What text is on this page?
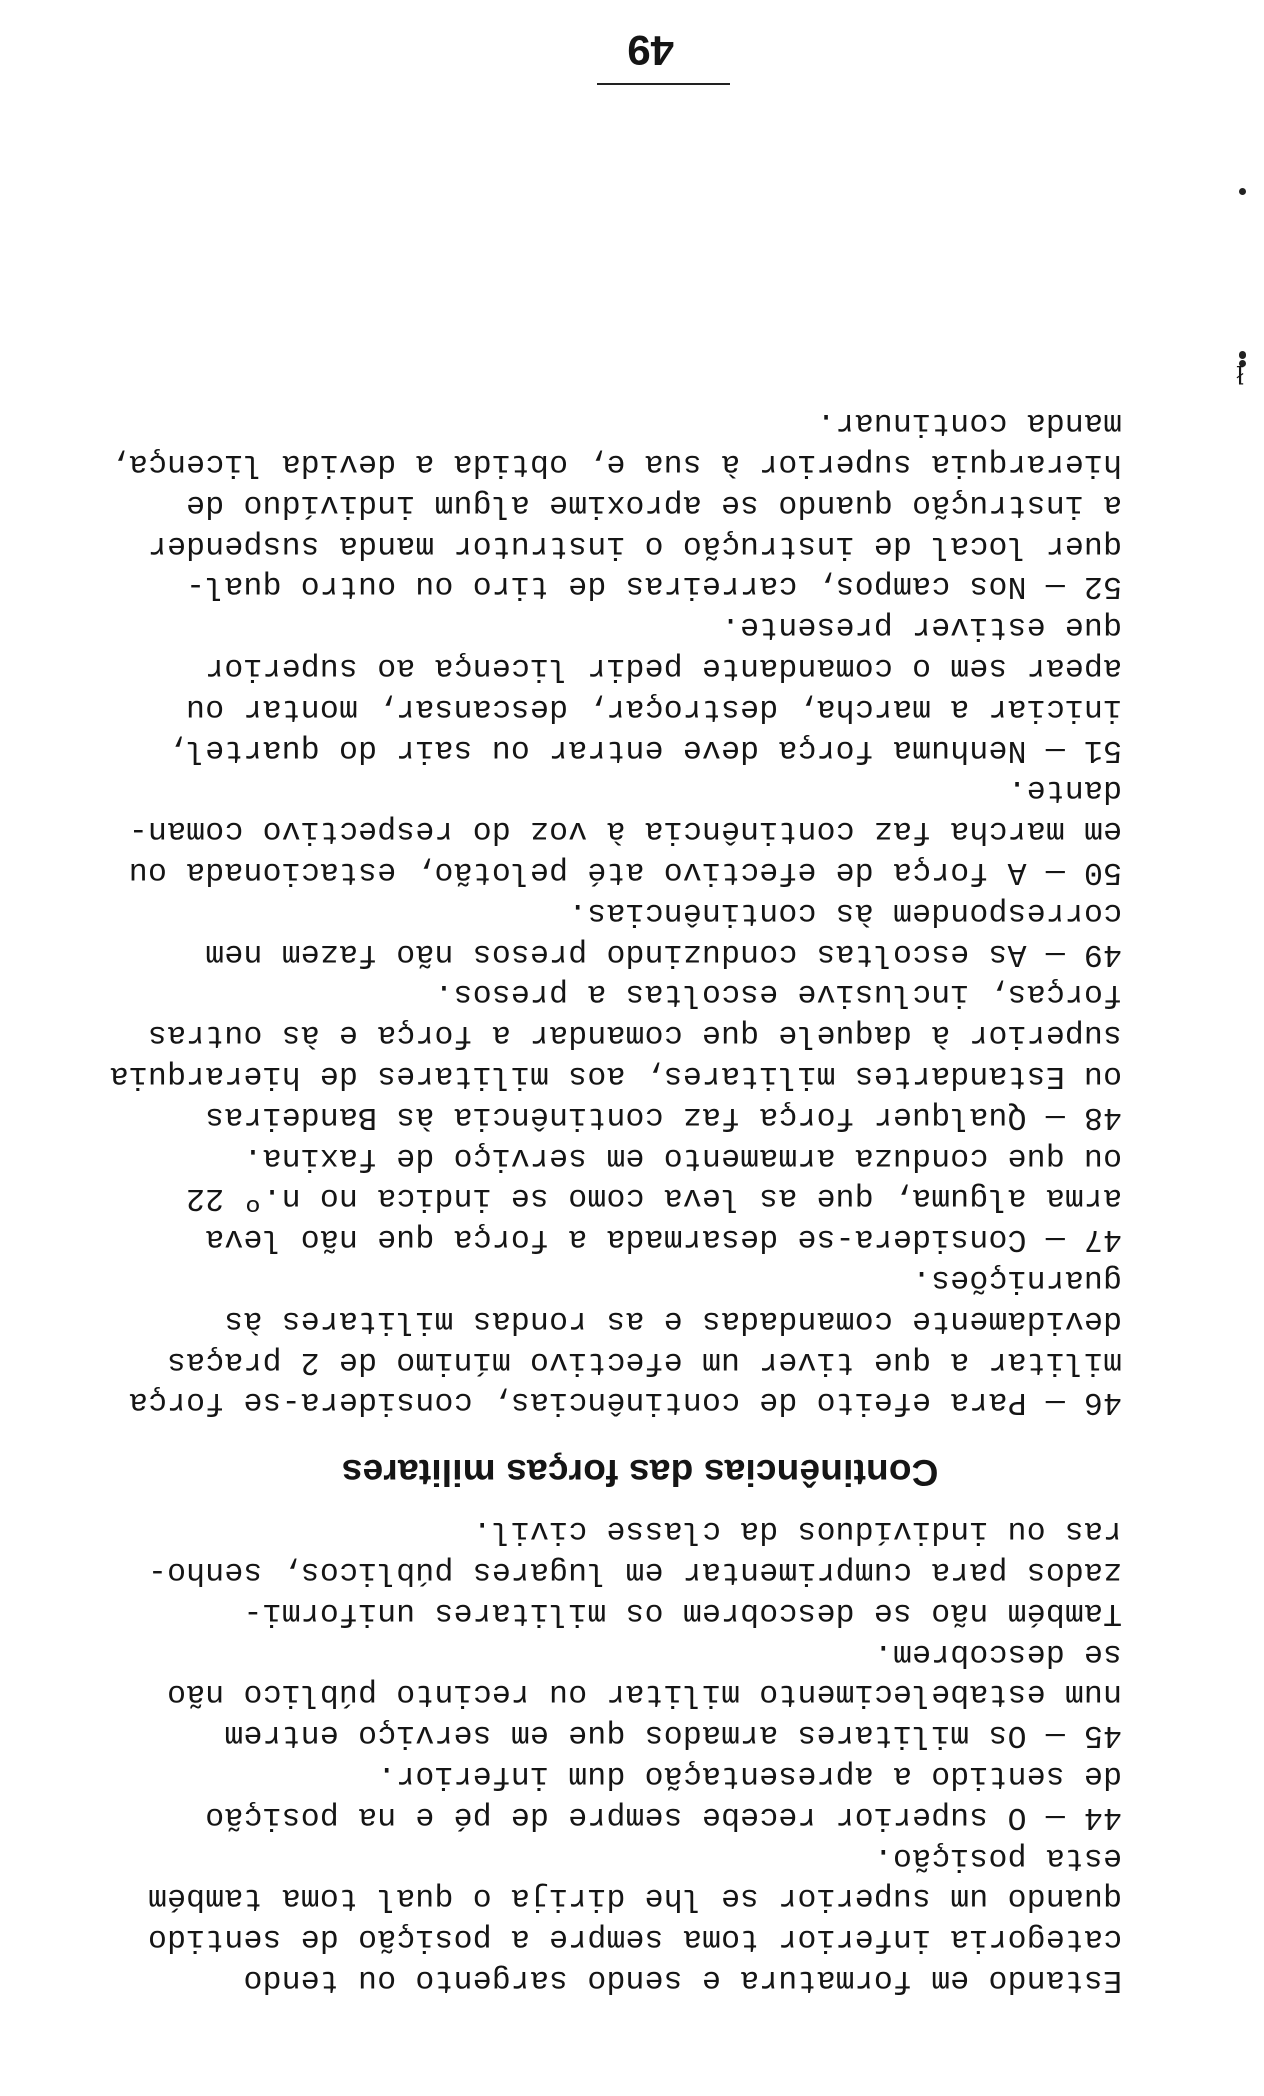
49
Estando em formatura e sendo sargento ou tendo
categoria inferior toma sempre a posição de sentido
quando um superior se lhe dirija o qual toma também
esta posição.
44 — O superior recebe sempre de pé e na posição
de sentido a apresentação dum inferior.
45 — Os militares armados que em serviço entrem
num estabelecimento militar ou recinto público não
se descobrem.
Também não se descobrem os militares uniformi-
zados para cumprimentar em lugares públicos, senho-
ras ou indivíduos da classe civil.
Continências das forças militares
46 — Para efeito de continências, considera-se força
militar a que tiver um efectivo mínimo de 2 praças
devidamente comandadas e as rondas militares às
guarnições.
47 — Considera-se desarmada a força que não leva
arma alguma, que as leva como se indica no n.º 22
ou que conduza armamento em serviço de faxina.
48 — Qualquer força faz continência às Bandeiras
ou Estandartes militares, aos militares de hierarquia
superior à daquele que comandar a força e às outras
forças, inclusive escoltas a presos.
49 — As escoltas conduzindo presos não fazem nem
correspondem às continências.
50 — A força de efectivo até pelotão, estacionada ou
em marcha faz continência à voz do respectivo coman-
dante.
51 — Nenhuma força deve entrar ou sair do quartel,
iniciar a marcha, destroçar, descansar, montar ou
apear sem o comandante pedir licença ao superior
que estiver presente.
52 — Nos campos, carreiras de tiro ou outro qual-
quer local de instrução o instrutor manda suspender
a instrução quando se aproxime algum indivíduo de
hierarquia superior à sua e, obtida a devida licença,
manda continuar.
ł
